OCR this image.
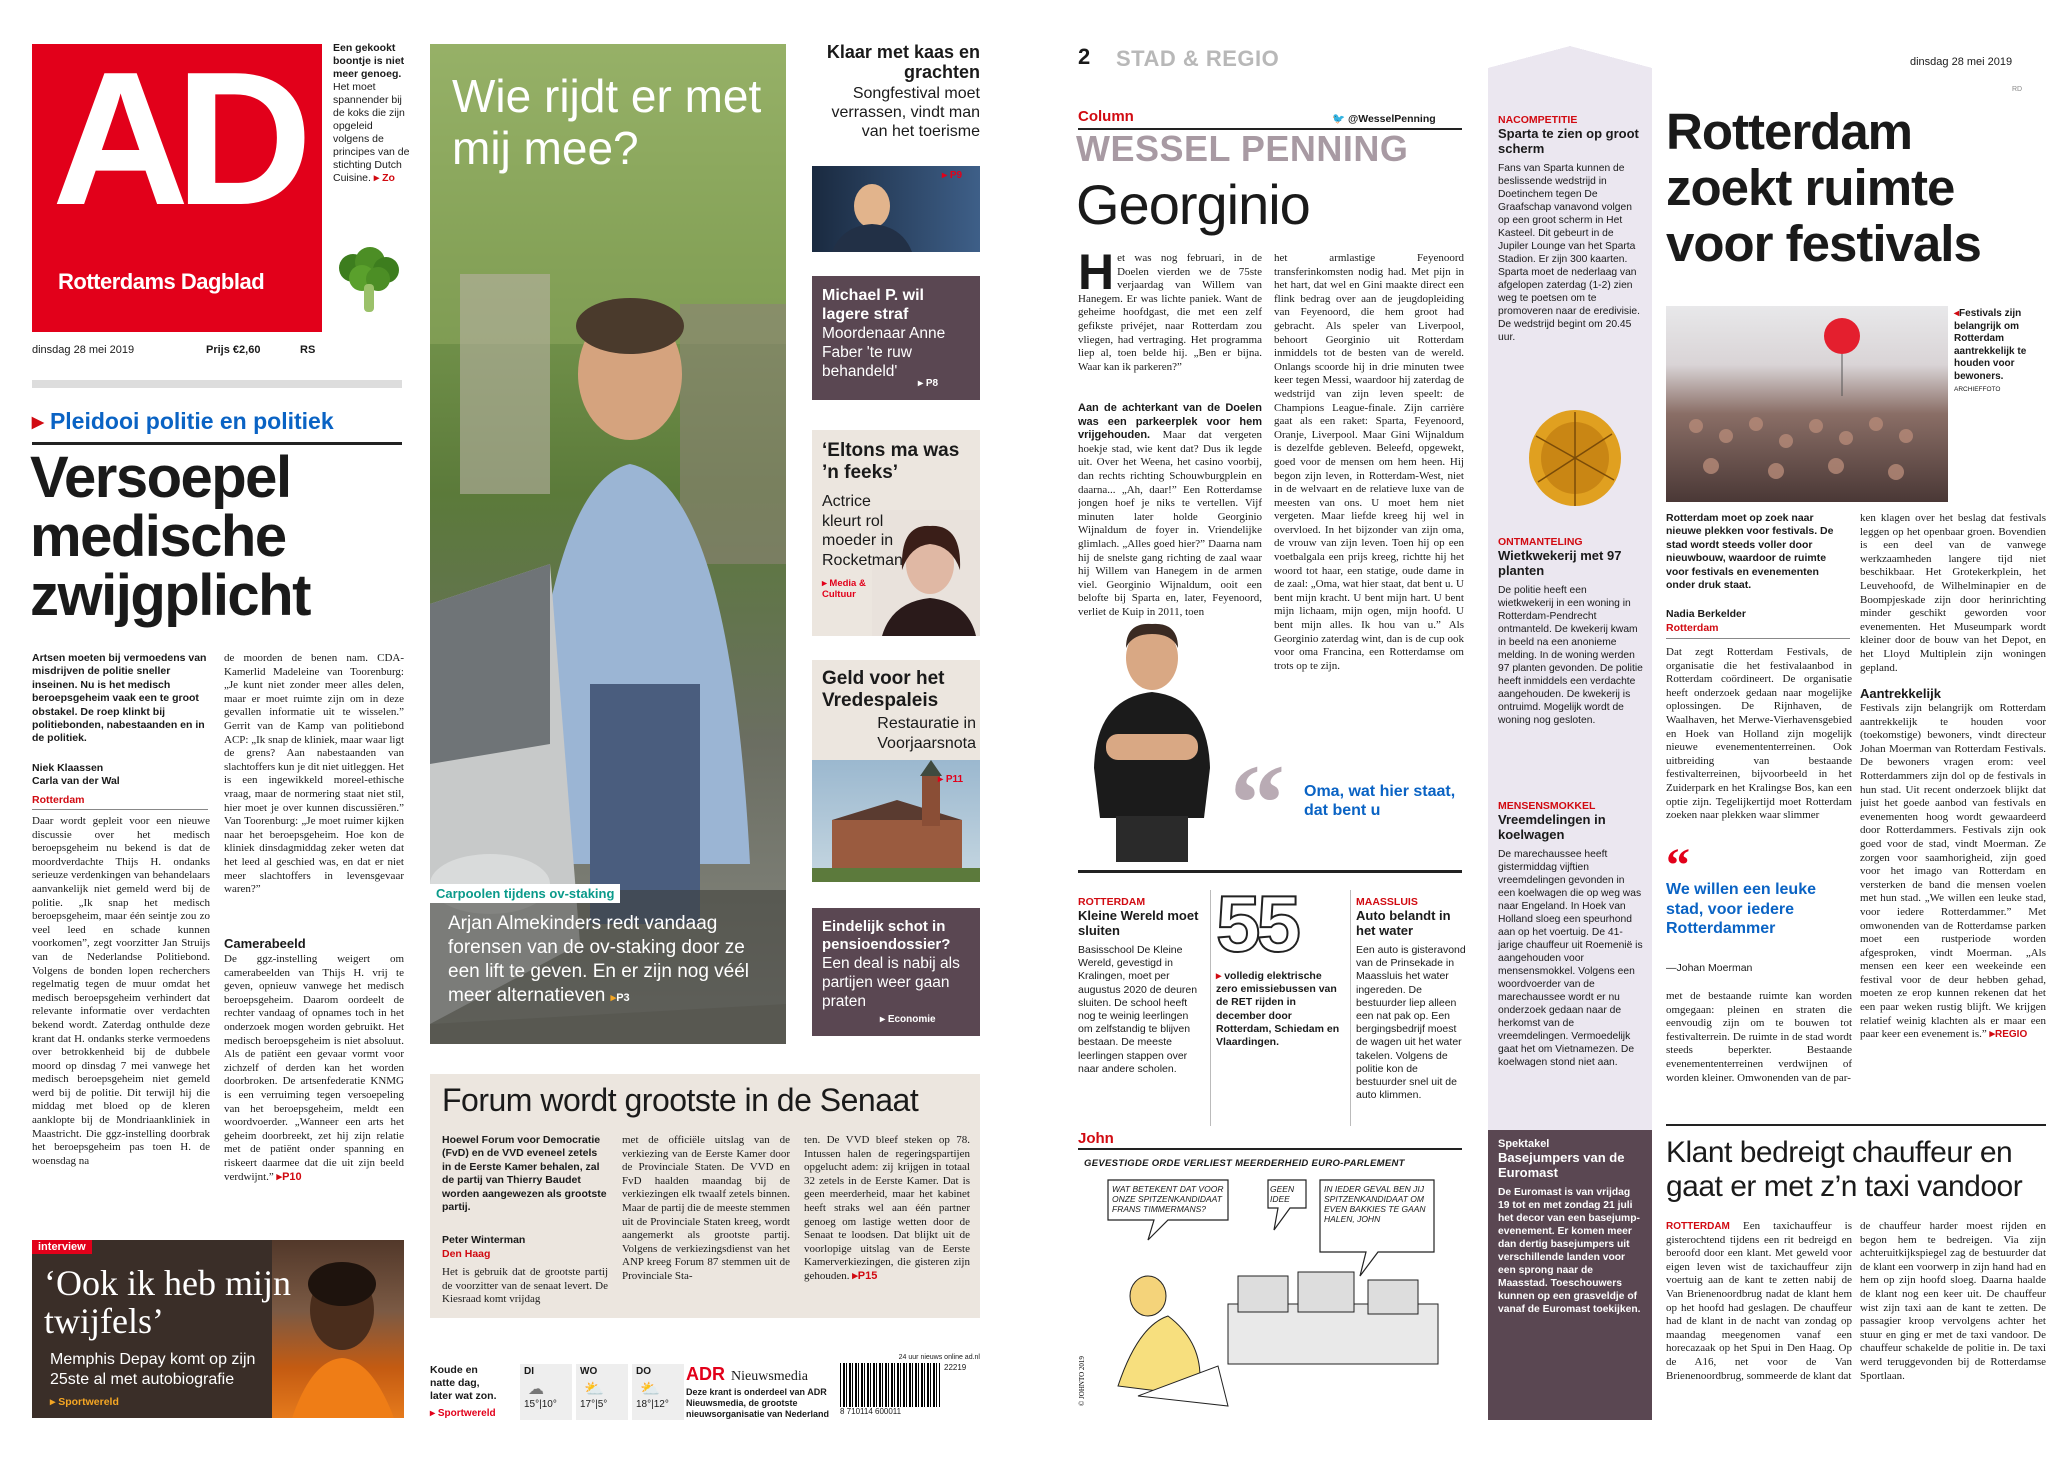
AD
Rotterdams Dagblad
Een gekookt boontje is niet meer genoeg. Het moet spannender bij de koks die zijn opgeleid volgens de principes van de stichting Dutch Cuisine. ▸ Zo
dinsdag 28 mei 2019	Prijs €2,60	RS
▸ Pleidooi politie en politiek
Versoepel medische zwijgplicht

Artsen moeten bij vermoedens van misdrijven de politie sneller inseinen. Nu is het medisch beroepsgeheim vaak een te groot obstakel. De roep klinkt bij politiebonden, nabestaanden en in de politiek.

Niek Klaassen
Carla van der Wal
Rotterdam

Daar wordt gepleit voor een nieuwe discussie over het medisch beroepsgeheim nu bekend is dat de moordverdachte Thijs H. ondanks serieuze verdenkingen van behandelaars aanvankelijk niet gemeld werd bij de politie. „Ik snap het medisch beroepsgeheim, maar één seintje zou zo veel leed en schade kunnen voorkomen”, zegt voorzitter Jan Struijs van de Nederlandse Politiebond. Volgens de bonden lopen recherchers regelmatig tegen de muur omdat het medisch beroepsgeheim verhindert dat relevante informatie over verdachten bekend wordt. Zaterdag onthulde deze krant dat H. ondanks sterke vermoedens over betrokkenheid bij de dubbele moord op dinsdag 7 mei vanwege het medisch beroepsgeheim niet gemeld werd bij de politie. Dit terwijl hij die middag met bloed op de kleren aanklopte bij de Mondriaankliniek in Maastricht. Die ggz-instelling doorbrak het beroepsgeheim pas toen H. de woensdag na

de moorden de benen nam. CDA-Kamerlid Madeleine van Toorenburg: „Je kunt niet zonder meer alles delen, maar er moet ruimte zijn om in deze gevallen informatie uit te wisselen.” Gerrit van de Kamp van politiebond ACP: „Ik snap de kliniek, maar waar ligt de grens? Aan nabestaanden van slachtoffers kun je dit niet uitleggen. Het is een ingewikkeld moreel-ethische vraag, maar de normering staat niet stil, hier moet je over kunnen discussiëren.” Van Toorenburg: „Je moet ruimer kijken naar het beroepsgeheim. Hoe kon de kliniek dinsdagmiddag zeker weten dat het leed al geschied was, en dat er niet meer slachtoffers in levensgevaar waren?”

Camerabeeld

De ggz-instelling weigert om camerabeelden van Thijs H. vrij te geven, opnieuw vanwege het medisch beroepsgeheim. Daarom oordeelt de rechter vandaag of opnames toch in het onderzoek mogen worden gebruikt. Het medisch beroepsgeheim is niet absoluut. Als de patiënt een gevaar vormt voor zichzelf of derden kan het worden doorbroken. De artsenfederatie KNMG is een verruiming tegen versoepeling van het beroepsgeheim, meldt een woordvoerder. „Wanneer een arts het geheim doorbreekt, zet hij zijn relatie met de patiënt onder spanning en riskeert daarmee dat die uit zijn beeld verdwijnt.” ▸P10

interview
‘Ook ik heb mijn twijfels’
Memphis Depay komt op zijn 25ste al met autobiografie
▸ Sportwereld
Wie rijdt er met mij mee?
Carpoolen tijdens ov-staking
Arjan Almekinders redt vandaag forensen van de ov-staking door ze een lift te geven. En er zijn nog véél meer alternatieven ▸P3
Klaar met kaas en grachten
Songfestival moet verrassen, vindt man van het toerisme
▸ P9
Michael P. wil lagere straf
Moordenaar Anne Faber 'te ruw behandeld'
▸ P8
‘Eltons ma was ’n feeks’
Actrice kleurt rol moeder in Rocketman
▸ Media & Cultuur
Geld voor het Vredespaleis
Restauratie in Voorjaarsnota
▸ P11
Eindelijk schot in pensioendossier?
Een deal is nabij als partijen weer gaan praten
▸ Economie
Forum wordt grootste in de Senaat

Hoewel Forum voor Democratie (FvD) en de VVD eveneel zetels in de Eerste Kamer behalen, zal de partij van Thierry Baudet worden aangewezen als grootste partij.

Peter Winterman
Den Haag

Het is gebruik dat de grootste partij de voorzitter van de senaat levert. De Kiesraad komt vrijdag

met de officiële uitslag van de verkiezing van de Eerste Kamer door de Provinciale Staten. De VVD en FvD haalden maandag bij de verkiezingen elk twaalf zetels binnen. Maar de partij die de meeste stemmen uit de Provinciale Staten kreeg, wordt aangemerkt als grootste partij. Volgens de verkiezingsdienst van het ANP kreeg Forum 87 stemmen uit de Provinciale Sta-

ten. De VVD bleef steken op 78. Intussen halen de regeringspartijen opgelucht adem: zij krijgen in totaal 32 zetels in de Eerste Kamer. Dat is geen meerderheid, maar het kabinet heeft straks wel aan één partner genoeg om lastige wetten door de Senaat te loodsen. Dat blijkt uit de voorlopige uitslag van de Eerste Kamerverkiezingen, die gisteren zijn gehouden. ▸P15

Koude en natte dag, later wat zon.
▸ Sportwereld
DI
☁
15°|10°
WO
⛅
17°|5°
DO
⛅
18°|12°
ADR Nieuwsmedia
Deze krant is onderdeel van ADR Nieuwsmedia, de grootste nieuwsorganisatie van Nederland
24 uur nieuws online ad.nl
22219
8 710114 600011
2 STAD & REGIO	dinsdag 28 mei 2019
RD
Column	🐦 @WesselPenning
WESSEL PENNING
Georginio

Het was nog februari, in de Doelen vierden we de 75ste verjaardag van Willem van Hanegem. Er was lichte paniek. Want de geheime hoofdgast, die met een zelf gefikste privéjet, naar Rotterdam zou vliegen, had vertraging. Het programma liep al, toen belde hij. „Ben er bijna. Waar kan ik parkeren?”

Aan de achterkant van de Doelen was een parkeerplek voor hem vrijgehouden. Maar dat vergeten hoekje stad, wie kent dat? Dus ik legde uit. Over het Weena, het casino voorbij, dan rechts richting Schouwburgplein en daarna... „Ah, daar!” Een Rotterdamse jongen hoef je niks te vertellen. Vijf minuten later holde Georginio Wijnaldum de foyer in. Vriendelijke glimlach. „Alles goed hier?” Daarna nam hij de snelste gang richting de zaal waar hij Willem van Hanegem in de armen viel. Georginio Wijnaldum, ooit een belofte bij Sparta en, later, Feyenoord, verliet de Kuip in 2011, toen

het armlastige Feyenoord transferinkomsten nodig had. Met pijn in het hart, dat wel en Gini maakte direct een flink bedrag over aan de jeugdopleiding van Feyenoord, die hem groot had gebracht. Als speler van Liverpool, behoort Georginio uit Rotterdam inmiddels tot de besten van de wereld. Onlangs scoorde hij in drie minuten twee keer tegen Messi, waardoor hij zaterdag de wedstrijd van zijn leven speelt: de Champions League-finale. Zijn carrière gaat als een raket: Sparta, Feyenoord, Oranje, Liverpool. Maar Gini Wijnaldum is dezelfde gebleven. Beleefd, opgewekt, goed voor de mensen om hem heen. Hij begon zijn leven, in Rotterdam-West, niet in de welvaart en de relatieve luxe van de meesten van ons. U moet hem niet vergeten. Maar liefde kreeg hij wel in overvloed. In het bijzonder van zijn oma, de vrouw van zijn leven. Toen hij op een voetbalgala een prijs kreeg, richtte hij het woord tot haar, een statige, oude dame in de zaal: „Oma, wat hier staat, dat bent u. U bent mijn kracht. U bent mijn hart. U bent mijn lichaam, mijn ogen, mijn hoofd. U bent mijn alles. Ik hou van u.” Als Georginio zaterdag wint, dan is de cup ook voor oma Francina, een Rotterdamse om trots op te zijn.

“ Oma, wat hier staat, dat bent u
ROTTERDAM
Kleine Wereld moet sluiten
Basisschool De Kleine Wereld, gevestigd in Kralingen, moet per augustus 2020 de deuren sluiten. De school heeft nog te weinig leerlingen om zelfstandig te blijven bestaan. De meeste leerlingen stappen over naar andere scholen.
55
▸ volledig elektrische zero emissiebussen van de RET rijden in december door Rotterdam, Schiedam en Vlaardingen.
MAASSLUIS
Auto belandt in het water
Een auto is gisteravond van de Prinsekade in Maassluis het water ingereden. De bestuurder liep alleen een nat pak op. Een bergingsbedrijf moest de wagen uit het water takelen. Volgens de politie kon de bestuurder snel uit de auto klimmen.
John
GEVESTIGDE ORDE VERLIEST MEERDERHEID EURO-PARLEMENT
© JOHNTO 2019
WAT BETEKENT DAT VOOR ONZE SPITZENKANDIDAAT FRANS TIMMERMANS?
GEEN IDEE
IN IEDER GEVAL BEN JIJ SPITZENKANDIDAAT OM EVEN BAKKIES TE GAAN HALEN, JOHN
NACOMPETITIE
Sparta te zien op groot scherm
Fans van Sparta kunnen de beslissende wedstrijd in Doetinchem tegen De Graafschap vanavond volgen op een groot scherm in Het Kasteel. Dit gebeurt in de Jupiler Lounge van het Sparta Stadion. Er zijn 300 kaarten. Sparta moet de nederlaag van afgelopen zaterdag (1-2) zien weg te poetsen om te promoveren naar de eredivisie. De wedstrijd begint om 20.45 uur.
ONTMANTELING
Wietkwekerij met 97 planten
De politie heeft een wietkwekerij in een woning in Rotterdam-Pendrecht ontmanteld. De kwekerij kwam in beeld na een anonieme melding. In de woning werden 97 planten gevonden. De politie heeft inmiddels een verdachte aangehouden. De kwekerij is ontruimd. Mogelijk wordt de woning nog gesloten.
MENSENSMOKKEL
Vreemdelingen in koelwagen
De marechaussee heeft gistermiddag vijftien vreemdelingen gevonden in een koelwagen die op weg was naar Engeland. In Hoek van Holland sloeg een speurhond aan op het voertuig. De 41-jarige chauffeur uit Roemenië is aangehouden voor mensensmokkel. Volgens een woordvoerder van de marechaussee wordt er nu onderzoek gedaan naar de herkomst van de vreemdelingen. Vermoedelijk gaat het om Vietnamezen. De koelwagen stond niet aan.
Spektakel
Basejumpers van de Euromast
De Euromast is van vrijdag 19 tot en met zondag 21 juli het decor van een basejump-evenement. Er komen meer dan dertig basejumpers uit verschillende landen voor een sprong naar de Maasstad. Toeschouwers kunnen op een grasveldje of vanaf de Euromast toekijken.
Rotterdam zoekt ruimte voor festivals
◂Festivals zijn belangrijk om Rotterdam aantrekkelijk te houden voor bewoners. ARCHIEFFOTO

Rotterdam moet op zoek naar nieuwe plekken voor festivals. De stad wordt steeds voller door nieuwbouw, waardoor de ruimte voor festivals en evenementen onder druk staat.

Nadia Berkelder
Rotterdam

Dat zegt Rotterdam Festivals, de organisatie die het festivalaanbod in Rotterdam coördineert. De organisatie heeft onderzoek gedaan naar mogelijke oplossingen. De Rijnhaven, de Waalhaven, het Merwe-Vierhavensgebied en Hoek van Holland zijn mogelijk nieuwe evenemententerreinen. Ook uitbreiding van bestaande festivalterreinen, bijvoorbeeld in het Zuiderpark en het Kralingse Bos, kan een optie zijn. Tegelijkertijd moet Rotterdam zoeken naar plekken waar slimmer

“
We willen een leuke stad, voor iedere Rotterdammer
—Johan Moerman

met de bestaande ruimte kan worden omgegaan: pleinen en straten die eenvoudig zijn om te bouwen tot festivalterrein. De ruimte in de stad wordt steeds beperkter. Bestaande evenemententerreinen verdwijnen of worden kleiner. Omwonenden van de par-

ken klagen over het beslag dat festivals leggen op het openbaar groen. Bovendien is een deel van de vanwege werkzaamheden langere tijd niet beschikbaar. Het Grotekerkplein, het Leuvehoofd, de Wilhelminapier en de Boompjeskade zijn door herinrichting minder geschikt geworden voor evenementen. Het Museumpark wordt kleiner door de bouw van het Depot, en het Lloyd Multiplein zijn woningen gepland.

Aantrekkelijk

Festivals zijn belangrijk om Rotterdam aantrekkelijk te houden voor (toekomstige) bewoners, vindt directeur Johan Moerman van Rotterdam Festivals. De bewoners vragen erom: veel Rotterdammers zijn dol op de festivals in hun stad. Uit recent onderzoek blijkt dat juist het goede aanbod van festivals en evenementen hoog wordt gewaardeerd door Rotterdammers. Festivals zijn ook goed voor de stad, vindt Moerman. Ze zorgen voor saamhorigheid, zijn goed voor het imago van Rotterdam en versterken de band die mensen voelen met hun stad. „We willen een leuke stad, voor iedere Rotterdammer.” Met omwonenden van de Rotterdamse parken moet een rustperiode worden afgesproken, vindt Moerman. „Als mensen een keer een weekeinde een festival voor de deur hebben gehad, moeten ze erop kunnen rekenen dat het een paar weken rustig blijft. We krijgen relatief weinig klachten als er maar een paar keer een evenement is.” ▸REGIO

Klant bedreigt chauffeur en gaat er met z’n taxi vandoor

ROTTERDAM Een taxichauffeur is gisterochtend tijdens een rit bedreigd en beroofd door een klant. Met geweld voor eigen leven wist de taxichauffeur zijn voertuig aan de kant te zetten nabij de Van Brienenoordbrug nadat de klant hem op het hoofd had geslagen. De chauffeur had de klant in de nacht van zondag op maandag meegenomen vanaf een horecazaak op het Spui in Den Haag. Op de A16, net voor de Van Brienenoordbrug, sommeerde de klant dat

de chauffeur harder moest rijden en begon hem te bedreigen. Via zijn achteruitkijkspiegel zag de bestuurder dat de klant een voorwerp in zijn hand had en hem op zijn hoofd sloeg. Daarna haalde de klant nog een keer uit. De chauffeur wist zijn taxi aan de kant te zetten. De passagier kroop vervolgens achter het stuur en ging er met de taxi vandoor. De chauffeur schakelde de politie in. De taxi werd teruggevonden bij de Rotterdamse Sportlaan.
